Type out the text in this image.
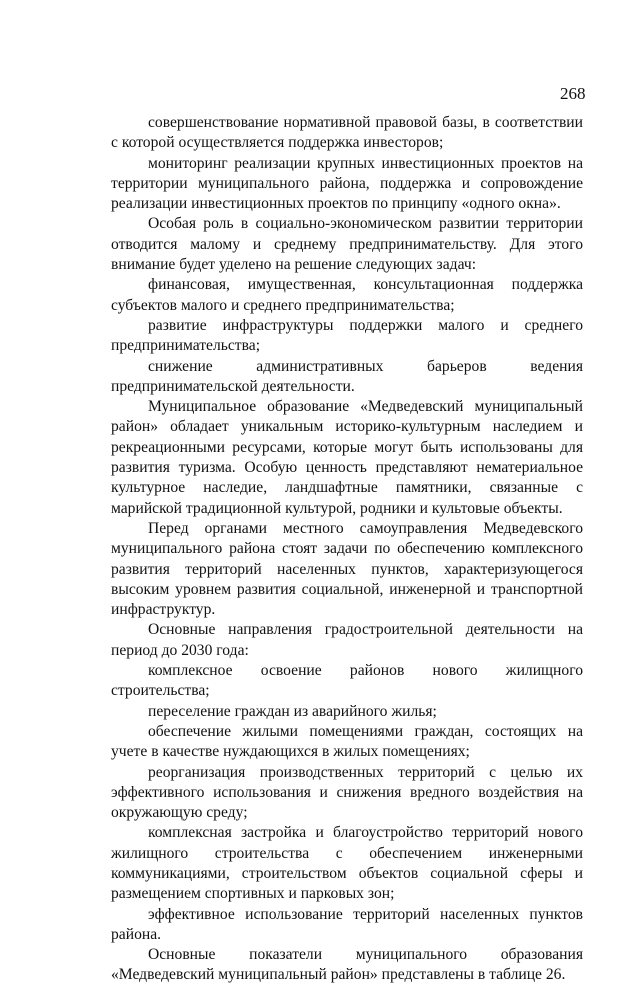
268

совершенствование нормативной правовой базы, в соответствии с которой осуществляется поддержка инвесторов;

мониторинг реализации крупных инвестиционных проектов на территории муниципального района, поддержка и сопровождение реализации инвестиционных проектов по принципу «одного окна».

Особая роль в социально-экономическом развитии территории отводится малому и среднему предпринимательству. Для этого внимание будет уделено на решение следующих задач:

финансовая, имущественная, консультационная поддержка субъектов малого и среднего предпринимательства;

развитие инфраструктуры поддержки малого и среднего предпринимательства;

снижение административных барьеров ведения предпринимательской деятельности.

Муниципальное образование «Медведевский муниципальный район» обладает уникальным историко-культурным наследием и рекреационными ресурсами, которые могут быть использованы для развития туризма. Особую ценность представляют нематериальное культурное наследие, ландшафтные памятники, связанные с марийской традиционной культурой, родники и культовые объекты.

Перед органами местного самоуправления Медведевского муниципального района стоят задачи по обеспечению комплексного развития территорий населенных пунктов, характеризующегося высоким уровнем развития социальной, инженерной и транспортной инфраструктур.

Основные направления градостроительной деятельности на период до 2030 года:

комплексное освоение районов нового жилищного строительства;

переселение граждан из аварийного жилья;

обеспечение жилыми помещениями граждан, состоящих на учете в качестве нуждающихся в жилых помещениях;

реорганизация производственных территорий с целью их эффективного использования и снижения вредного воздействия на окружающую среду;

комплексная застройка и благоустройство территорий нового жилищного строительства с обеспечением инженерными коммуникациями, строительством объектов социальной сферы и размещением спортивных и парковых зон;

эффективное использование территорий населенных пунктов района.

Основные показатели муниципального образования «Медведевский муниципальный район» представлены в таблице 26.
